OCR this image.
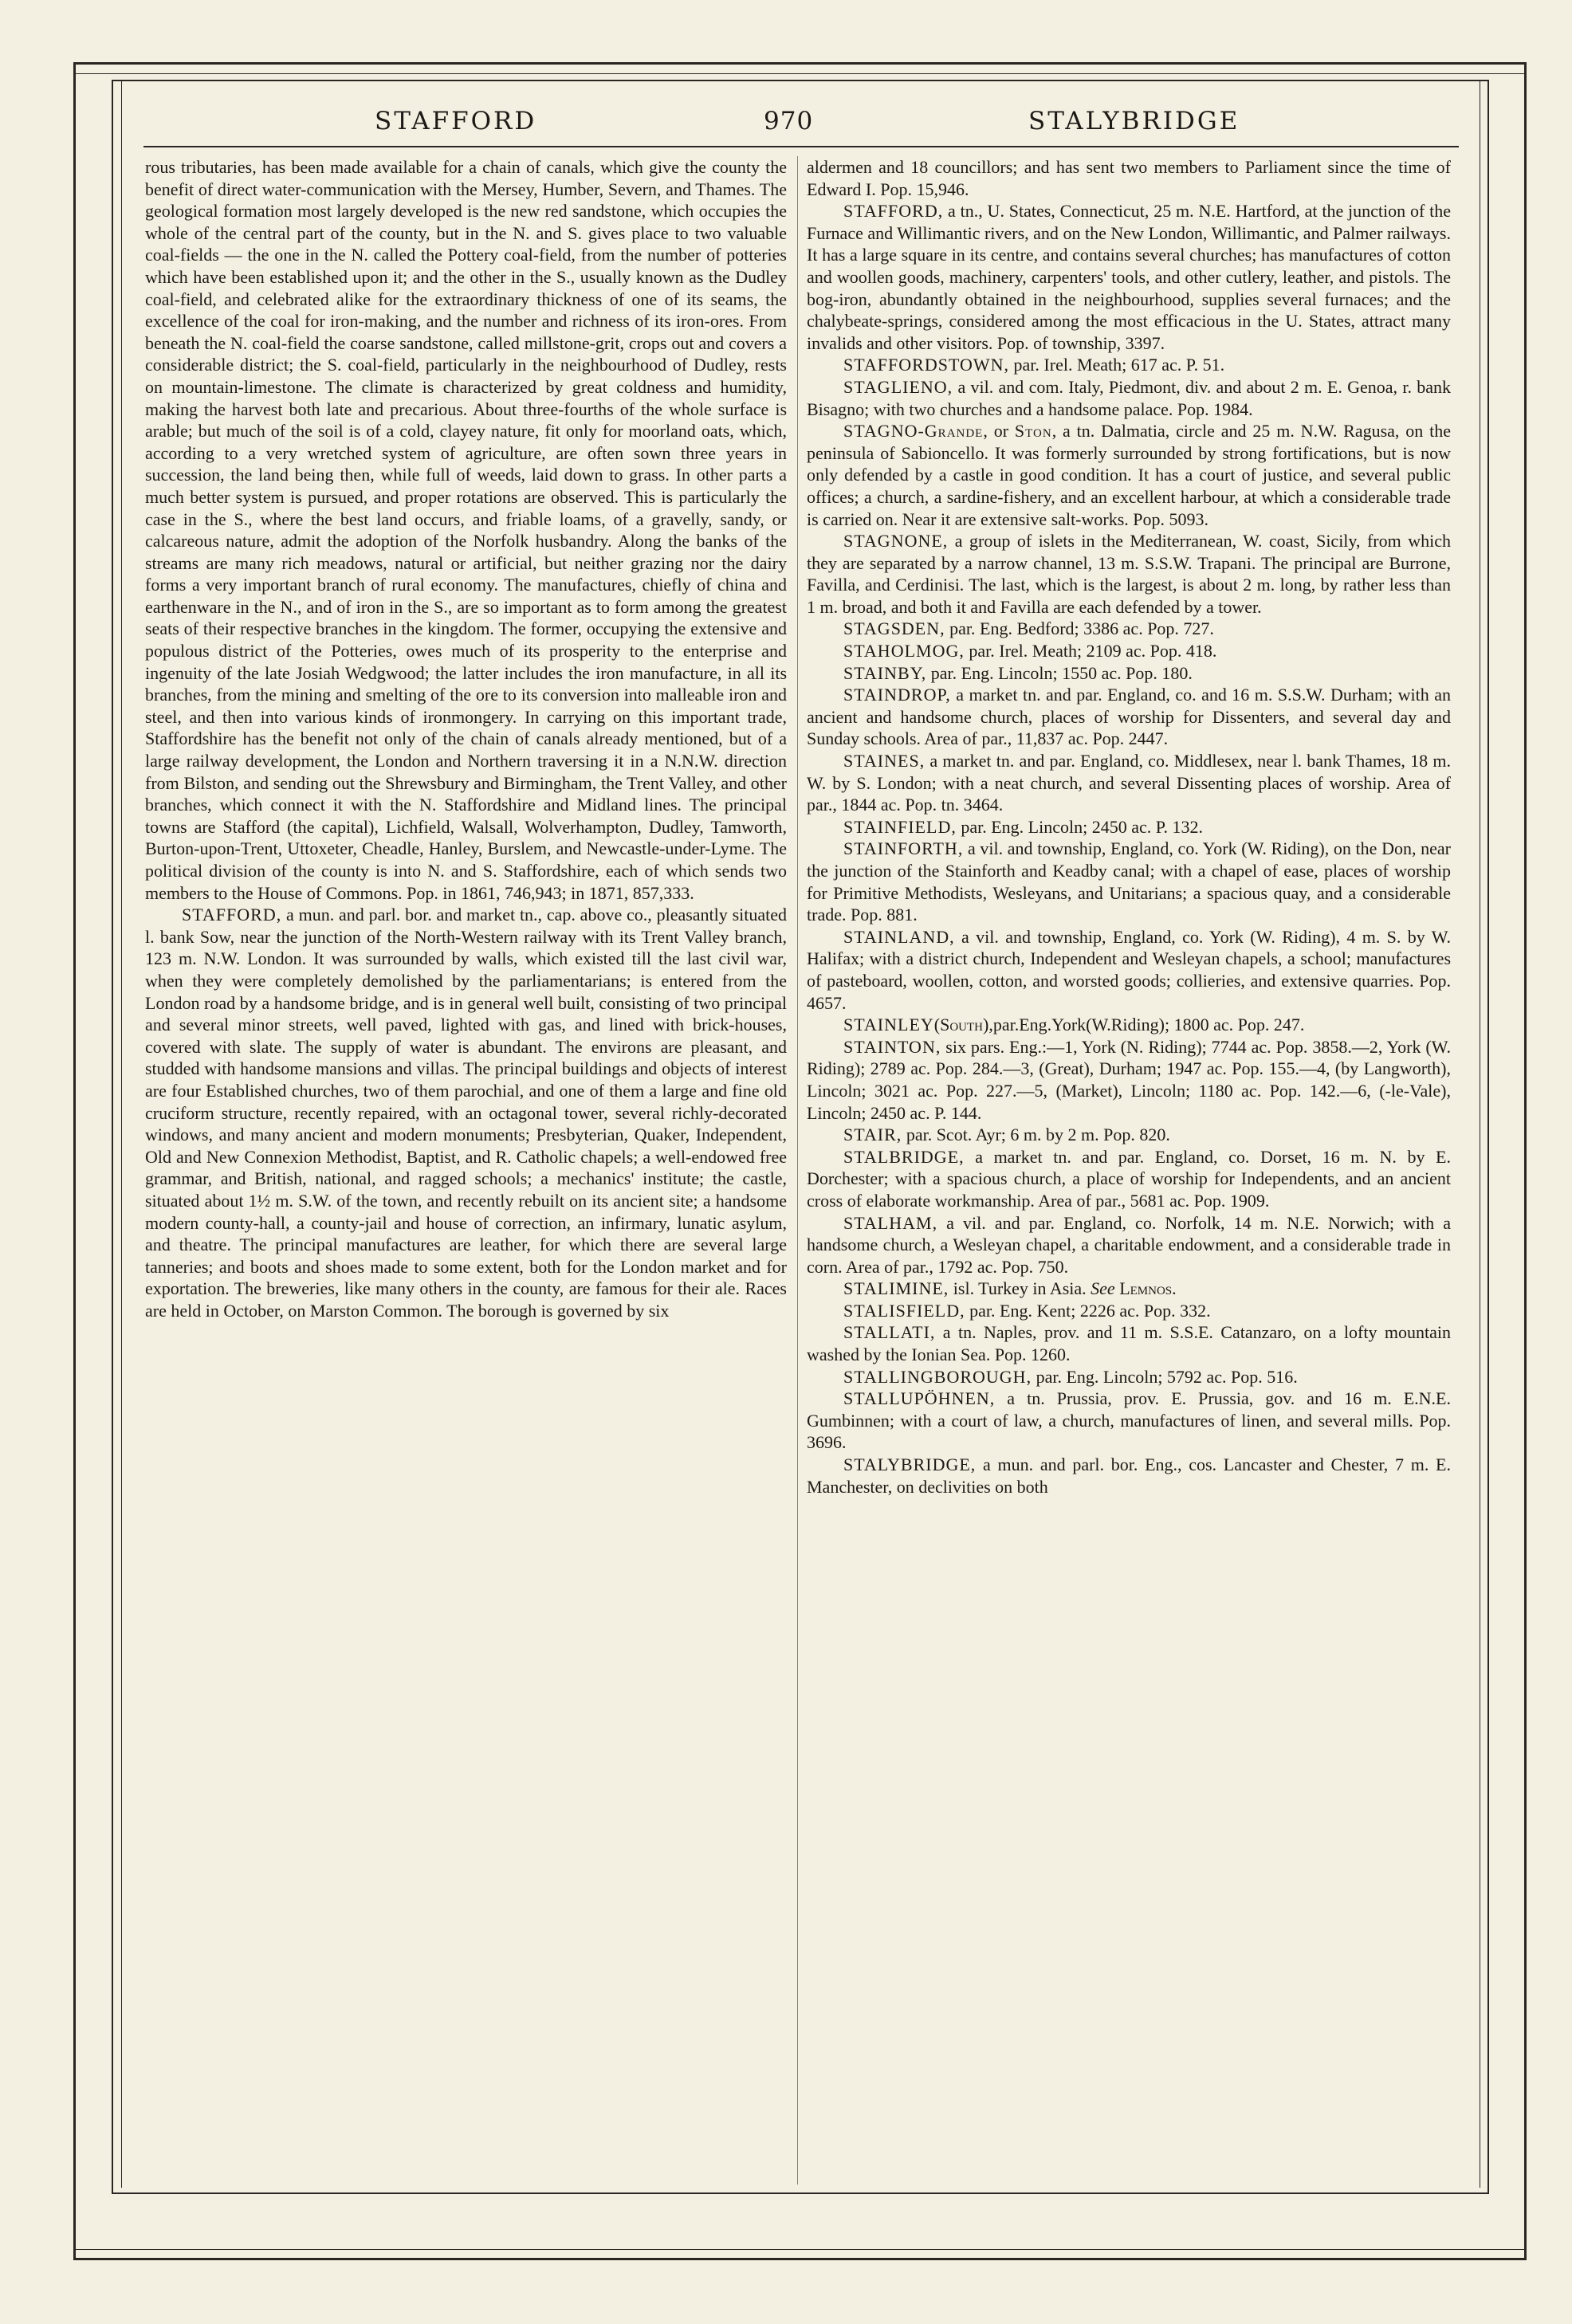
STAFFORD	970	STALYBRIDGE

rous tributaries, has been made available for a chain of canals, which give the county the benefit of direct water-communication with the Mersey, Humber, Severn, and Thames. The geological formation most largely developed is the new red sandstone, which occupies the whole of the central part of the county, but in the N. and S. gives place to two valuable coal-fields — the one in the N. called the Pottery coal-field, from the number of potteries which have been established upon it; and the other in the S., usually known as the Dudley coal-field, and celebrated alike for the extraordinary thickness of one of its seams, the excellence of the coal for iron-making, and the number and richness of its iron-ores. From beneath the N. coal-field the coarse sandstone, called millstone-grit, crops out and covers a considerable district; the S. coal-field, particularly in the neighbourhood of Dudley, rests on mountain-limestone. The climate is characterized by great coldness and humidity, making the harvest both late and precarious. About three-fourths of the whole surface is arable; but much of the soil is of a cold, clayey nature, fit only for moorland oats, which, according to a very wretched system of agriculture, are often sown three years in succession, the land being then, while full of weeds, laid down to grass. In other parts a much better system is pursued, and proper rotations are observed. This is particularly the case in the S., where the best land occurs, and friable loams, of a gravelly, sandy, or calcareous nature, admit the adoption of the Norfolk husbandry. Along the banks of the streams are many rich meadows, natural or artificial, but neither grazing nor the dairy forms a very important branch of rural economy. The manufactures, chiefly of china and earthenware in the N., and of iron in the S., are so important as to form among the greatest seats of their respective branches in the kingdom. The former, occupying the extensive and populous district of the Potteries, owes much of its prosperity to the enterprise and ingenuity of the late Josiah Wedgwood; the latter includes the iron manufacture, in all its branches, from the mining and smelting of the ore to its conversion into malleable iron and steel, and then into various kinds of ironmongery. In carrying on this important trade, Staffordshire has the benefit not only of the chain of canals already mentioned, but of a large railway development, the London and Northern traversing it in a N.N.W. direction from Bilston, and sending out the Shrewsbury and Birmingham, the Trent Valley, and other branches, which connect it with the N. Staffordshire and Midland lines. The principal towns are Stafford (the capital), Lichfield, Walsall, Wolverhampton, Dudley, Tamworth, Burton-upon-Trent, Uttoxeter, Cheadle, Hanley, Burslem, and Newcastle-under-Lyme. The political division of the county is into N. and S. Staffordshire, each of which sends two members to the House of Commons. Pop. in 1861, 746,943; in 1871, 857,333.

STAFFORD, a mun. and parl. bor. and market tn., cap. above co., pleasantly situated l. bank Sow, near the junction of the North-Western railway with its Trent Valley branch, 123 m. N.W. London. It was surrounded by walls, which existed till the last civil war, when they were completely demolished by the parliamentarians; is entered from the London road by a handsome bridge, and is in general well built, consisting of two principal and several minor streets, well paved, lighted with gas, and lined with brick-houses, covered with slate. The supply of water is abundant. The environs are pleasant, and studded with handsome mansions and villas. The principal buildings and objects of interest are four Established churches, two of them parochial, and one of them a large and fine old cruciform structure, recently repaired, with an octagonal tower, several richly-decorated windows, and many ancient and modern monuments; Presbyterian, Quaker, Independent, Old and New Connexion Methodist, Baptist, and R. Catholic chapels; a well-endowed free grammar, and British, national, and ragged schools; a mechanics' institute; the castle, situated about 1½ m. S.W. of the town, and recently rebuilt on its ancient site; a handsome modern county-hall, a county-jail and house of correction, an infirmary, lunatic asylum, and theatre. The principal manufactures are leather, for which there are several large tanneries; and boots and shoes made to some extent, both for the London market and for exportation. The breweries, like many others in the county, are famous for their ale. Races are held in October, on Marston Common. The borough is governed by six

aldermen and 18 councillors; and has sent two members to Parliament since the time of Edward I. Pop. 15,946.

STAFFORD, a tn., U. States, Connecticut, 25 m. N.E. Hartford, at the junction of the Furnace and Willimantic rivers, and on the New London, Willimantic, and Palmer railways. It has a large square in its centre, and contains several churches; has manufactures of cotton and woollen goods, machinery, carpenters' tools, and other cutlery, leather, and pistols. The bog-iron, abundantly obtained in the neighbourhood, supplies several furnaces; and the chalybeate-springs, considered among the most efficacious in the U. States, attract many invalids and other visitors. Pop. of township, 3397.

STAFFORDSTOWN, par. Irel. Meath; 617 ac. P. 51.

STAGLIENO, a vil. and com. Italy, Piedmont, div. and about 2 m. E. Genoa, r. bank Bisagno; with two churches and a handsome palace. Pop. 1984.

STAGNO-Grande, or Ston, a tn. Dalmatia, circle and 25 m. N.W. Ragusa, on the peninsula of Sabioncello. It was formerly surrounded by strong fortifications, but is now only defended by a castle in good condition. It has a court of justice, and several public offices; a church, a sardine-fishery, and an excellent harbour, at which a considerable trade is carried on. Near it are extensive salt-works. Pop. 5093.

STAGNONE, a group of islets in the Mediterranean, W. coast, Sicily, from which they are separated by a narrow channel, 13 m. S.S.W. Trapani. The principal are Burrone, Favilla, and Cerdinisi. The last, which is the largest, is about 2 m. long, by rather less than 1 m. broad, and both it and Favilla are each defended by a tower.

STAGSDEN, par. Eng. Bedford; 3386 ac. Pop. 727.

STAHOLMOG, par. Irel. Meath; 2109 ac. Pop. 418.

STAINBY, par. Eng. Lincoln; 1550 ac. Pop. 180.

STAINDROP, a market tn. and par. England, co. and 16 m. S.S.W. Durham; with an ancient and handsome church, places of worship for Dissenters, and several day and Sunday schools. Area of par., 11,837 ac. Pop. 2447.

STAINES, a market tn. and par. England, co. Middlesex, near l. bank Thames, 18 m. W. by S. London; with a neat church, and several Dissenting places of worship. Area of par., 1844 ac. Pop. tn. 3464.

STAINFIELD, par. Eng. Lincoln; 2450 ac. P. 132.

STAINFORTH, a vil. and township, England, co. York (W. Riding), on the Don, near the junction of the Stainforth and Keadby canal; with a chapel of ease, places of worship for Primitive Methodists, Wesleyans, and Unitarians; a spacious quay, and a considerable trade. Pop. 881.

STAINLAND, a vil. and township, England, co. York (W. Riding), 4 m. S. by W. Halifax; with a district church, Independent and Wesleyan chapels, a school; manufactures of pasteboard, woollen, cotton, and worsted goods; collieries, and extensive quarries. Pop. 4657.

STAINLEY(South),par.Eng.York(W.Riding); 1800 ac. Pop. 247.

STAINTON, six pars. Eng.:—1, York (N. Riding); 7744 ac. Pop. 3858.—2, York (W. Riding); 2789 ac. Pop. 284.—3, (Great), Durham; 1947 ac. Pop. 155.—4, (by Langworth), Lincoln; 3021 ac. Pop. 227.—5, (Market), Lincoln; 1180 ac. Pop. 142.—6, (-le-Vale), Lincoln; 2450 ac. P. 144.

STAIR, par. Scot. Ayr; 6 m. by 2 m. Pop. 820.

STALBRIDGE, a market tn. and par. England, co. Dorset, 16 m. N. by E. Dorchester; with a spacious church, a place of worship for Independents, and an ancient cross of elaborate workmanship. Area of par., 5681 ac. Pop. 1909.

STALHAM, a vil. and par. England, co. Norfolk, 14 m. N.E. Norwich; with a handsome church, a Wesleyan chapel, a charitable endowment, and a considerable trade in corn. Area of par., 1792 ac. Pop. 750.

STALIMINE, isl. Turkey in Asia. See Lemnos.

STALISFIELD, par. Eng. Kent; 2226 ac. Pop. 332.

STALLATI, a tn. Naples, prov. and 11 m. S.S.E. Catanzaro, on a lofty mountain washed by the Ionian Sea. Pop. 1260.

STALLINGBOROUGH, par. Eng. Lincoln; 5792 ac. Pop. 516.

STALLUPÖHNEN, a tn. Prussia, prov. E. Prussia, gov. and 16 m. E.N.E. Gumbinnen; with a court of law, a church, manufactures of linen, and several mills. Pop. 3696.

STALYBRIDGE, a mun. and parl. bor. Eng., cos. Lancaster and Chester, 7 m. E. Manchester, on declivities on both
